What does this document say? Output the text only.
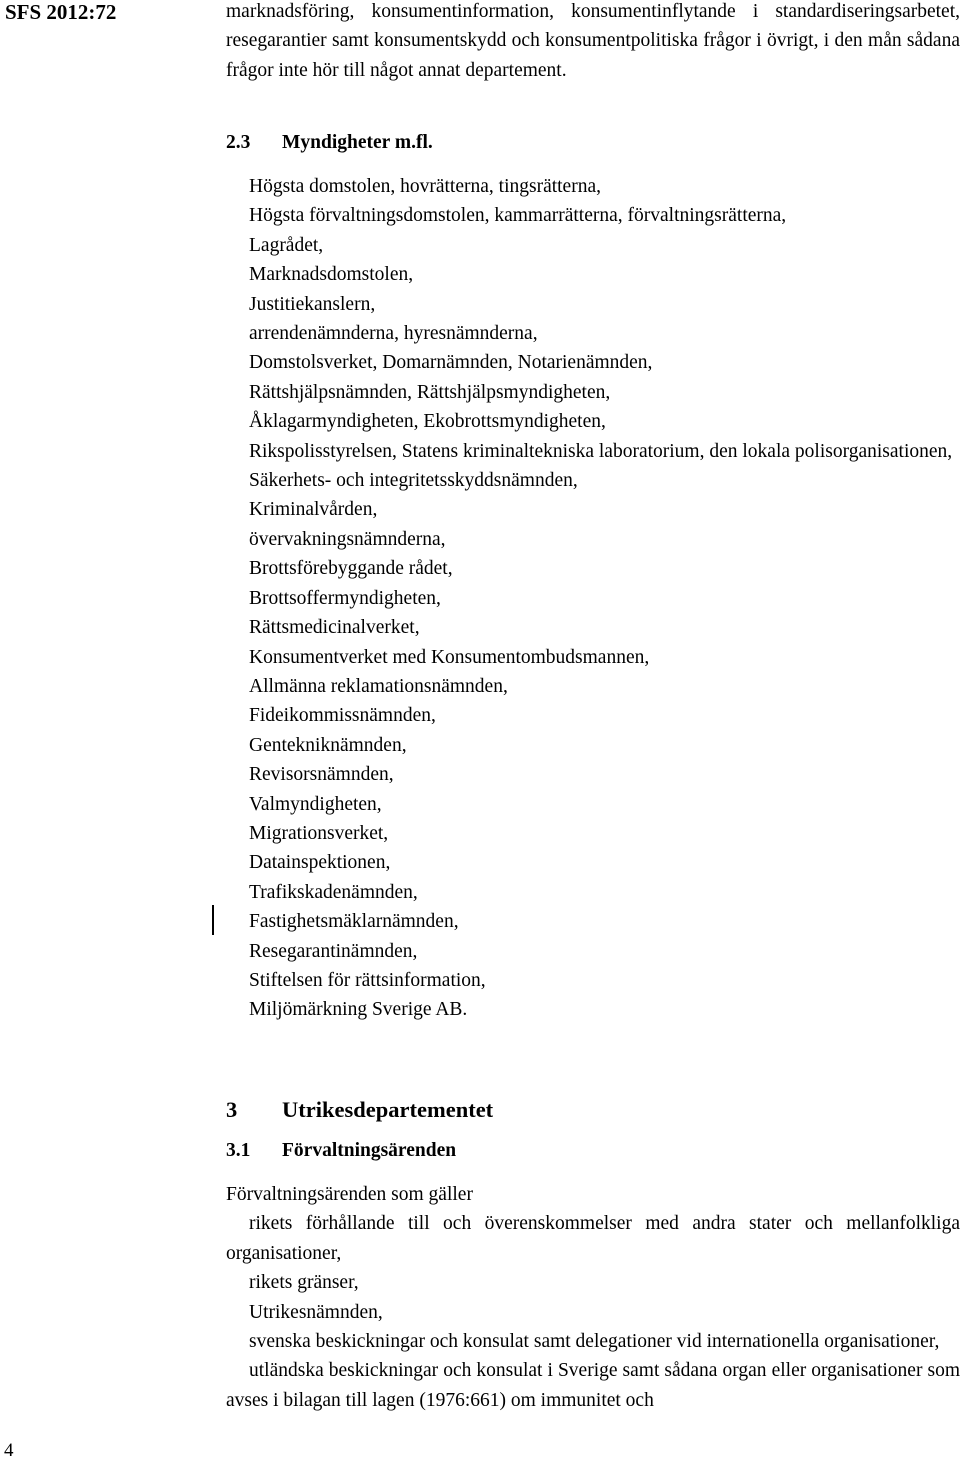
SFS 2012:72	marknadsföring, konsumentinformation, konsumentinflytande i standardiseringsarbetet, resegarantier samt konsumentskydd och konsumentpolitiska frågor i övrigt, i den mån sådana frågor inte hör till något annat departement.
2.3 Myndigheter m.fl.
Högsta domstolen, hovrätterna, tingsrätterna,
Högsta förvaltningsdomstolen, kammarrätterna, förvaltningsrätterna,
Lagrådet,
Marknadsdomstolen,
Justitiekanslern,
arrendenämnderna, hyresnämnderna,
Domstolsverket, Domarnämnden, Notarienämnden,
Rättshjälpsnämnden, Rättshjälpsmyndigheten,
Åklagarmyndigheten, Ekobrottsmyndigheten,
Rikspolisstyrelsen, Statens kriminaltekniska laboratorium, den lokala polisorganisationen,
Säkerhets- och integritetsskyddsnämnden,
Kriminalvården,
övervakningsnämnderna,
Brottsförebyggande rådet,
Brottsoffermyndigheten,
Rättsmedicinalverket,
Konsumentverket med Konsumentombudsmannen,
Allmänna reklamationsnämnden,
Fideikommissnämnden,
Gentekniknämnden,
Revisorsnämnden,
Valmyndigheten,
Migrationsverket,
Datainspektionen,
Trafikskadenämnden,
Fastighetsmäklarnämnden,
Resegarantinämnden,
Stiftelsen för rättsinformation,
Miljömärkning Sverige AB.
3 Utrikesdepartementet
3.1 Förvaltningsärenden
Förvaltningsärenden som gäller
rikets förhållande till och överenskommelser med andra stater och mellanfolkliga organisationer,
rikets gränser,
Utrikesnämnden,
svenska beskickningar och konsulat samt delegationer vid internationella organisationer,
utländska beskickningar och konsulat i Sverige samt sådana organ eller organisationer som avses i bilagan till lagen (1976:661) om immunitet och
4
